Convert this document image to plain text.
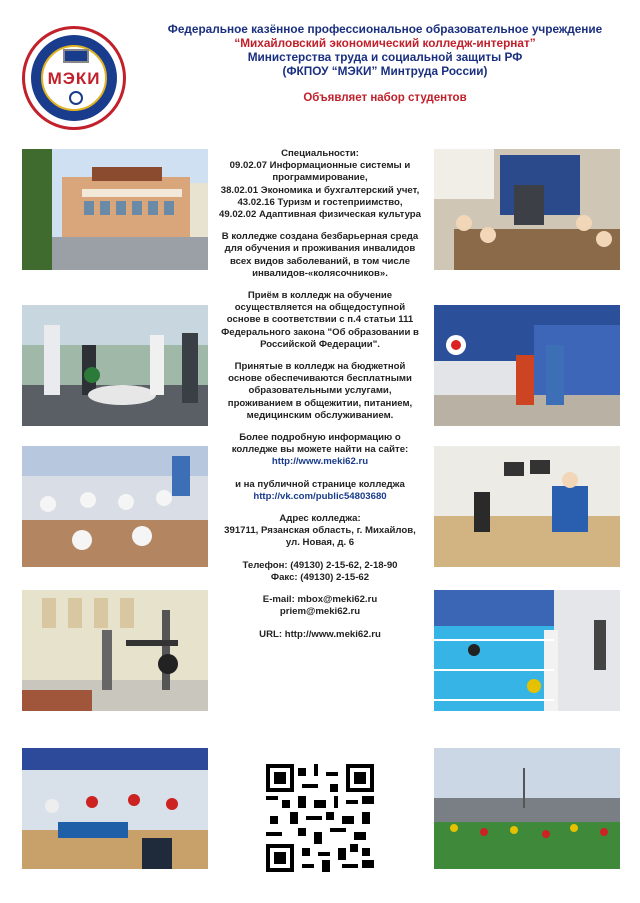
МЭКИ
Федеральное казённое профессиональное образовательное учреждение
“Михайловский экономический колледж-интернат”
Министерства труда и социальной защиты РФ
(ФКПОУ “МЭКИ” Минтруда России)
Объявляет набор студентов

Специальности:
09.02.07 Информационные системы и программирование,
38.02.01 Экономика и бухгалтерский учет,
43.02.16 Туризм и гостеприимство,
49.02.02 Адаптивная физическая культура

В колледже создана безбарьерная среда для обучения и проживания инвалидов всех видов заболеваний, в том числе инвалидов-«колясочников».

Приём в колледж на обучение осуществляется на общедоступной основе в соответствии с п.4 статьи 111 Федерального закона "Об образовании в Российской Федерации".

Принятые в колледж на бюджетной основе обеспечиваются бесплатными образовательными услугами, проживанием в общежитии, питанием, медицинским обслуживанием.

Более подробную информацию о колледже вы можете найти на сайте:
http://www.meki62.ru

и на публичной странице колледжа
http://vk.com/public54803680

Адрес колледжа:
391711, Рязанская область, г. Михайлов, ул. Новая, д. 6

Телефон: (49130) 2-15-62, 2-18-90
Факс: (49130) 2-15-62

E-mail: mbox@meki62.ru
priem@meki62.ru

URL: http://www.meki62.ru
